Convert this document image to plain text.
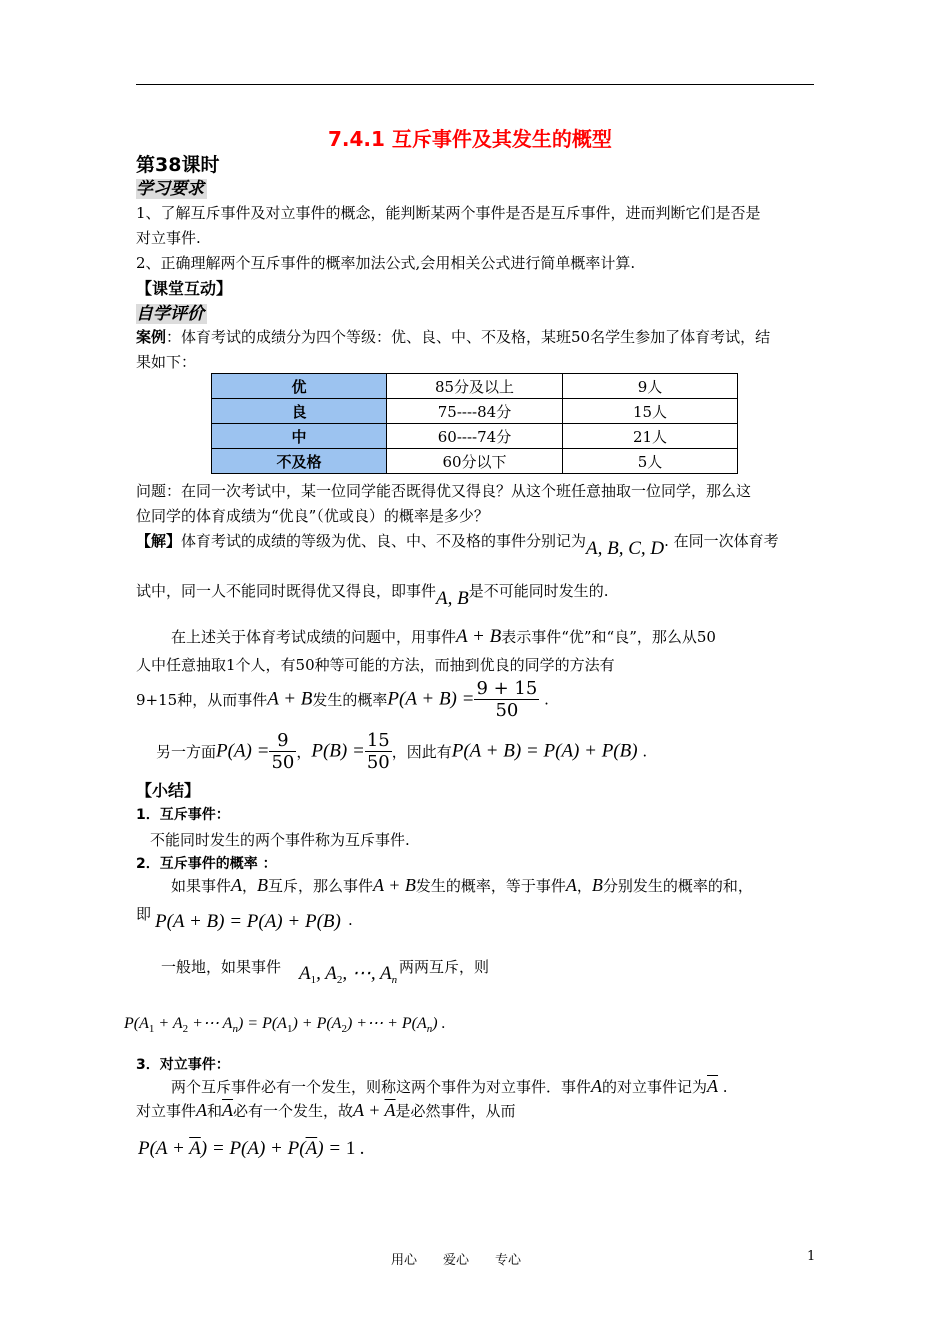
7.4.1 互斥事件及其发生的概型
第38课时
学习要求
1、了解互斥事件及对立事件的概念，能判断某两个事件是否是互斥事件，进而判断它们是否是
对立事件.
2、正确理解两个互斥事件的概率加法公式,会用相关公式进行简单概率计算.
【课堂互动】
自学评价
案例：体育考试的成绩分为四个等级：优、良、中、不及格，某班50名学生参加了体育考试，结
果如下：
优	85分及以上	9人
良	75----84分	15人
中	60----74分	21人
不及格	60分以下	5人
问题：在同一次考试中，某一位同学能否既得优又得良？从这个班任意抽取一位同学，那么这
位同学的体育成绩为“优良”（优或良）的概率是多少？
【解】体育考试的成绩的等级为优、良、中、不及格的事件分别记为A, B, C, D. 在同一次体育考
试中，同一人不能同时既得优又得良，即事件A, B是不可能同时发生的.
在上述关于体育考试成绩的问题中，用事件A + B表示事件“优”和“良”，那么从50
人中任意抽取1个人，有50种等可能的方法，而抽到优良的同学的方法有
9+15种，从而事件A + B发生的概率$P(A + B) = \frac{9 + 15}{50}$ .
另一方面$P(A) = \frac{9}{50}$ ，$P(B) = \frac{15}{50}$ ，因此有P(A + B) = P(A) + P(B) .
【小结】
1．互斥事件：
不能同时发生的两个事件称为互斥事件.
2．互斥事件的概率 ：
如果事件A，B互斥，那么事件A + B发生的概率，等于事件A，B分别发生的概率的和，
即 P(A + B) = P(A) + P(B) .
一般地，如果事件 $A_1$, $A_2$, ⋯, $A_n$
两两互斥，则
$P(A_1 + A_2$ +⋯ $A_n) = P(A_1) + P(A_2)$ +⋯ + $P(A_n)$ .
3．对立事件：
两个互斥事件必有一个发生，则称这两个事件为对立事件．事件A的对立事件记为$\overline{A}$ .
对立事件A和$\overline{A}$必有一个发生，故$A + \overline{A}$是必然事件，从而
$P(A + \overline{A}) = P(A) + P(\overline{A}) = 1$ .
用心　　爱心　　专心	1
